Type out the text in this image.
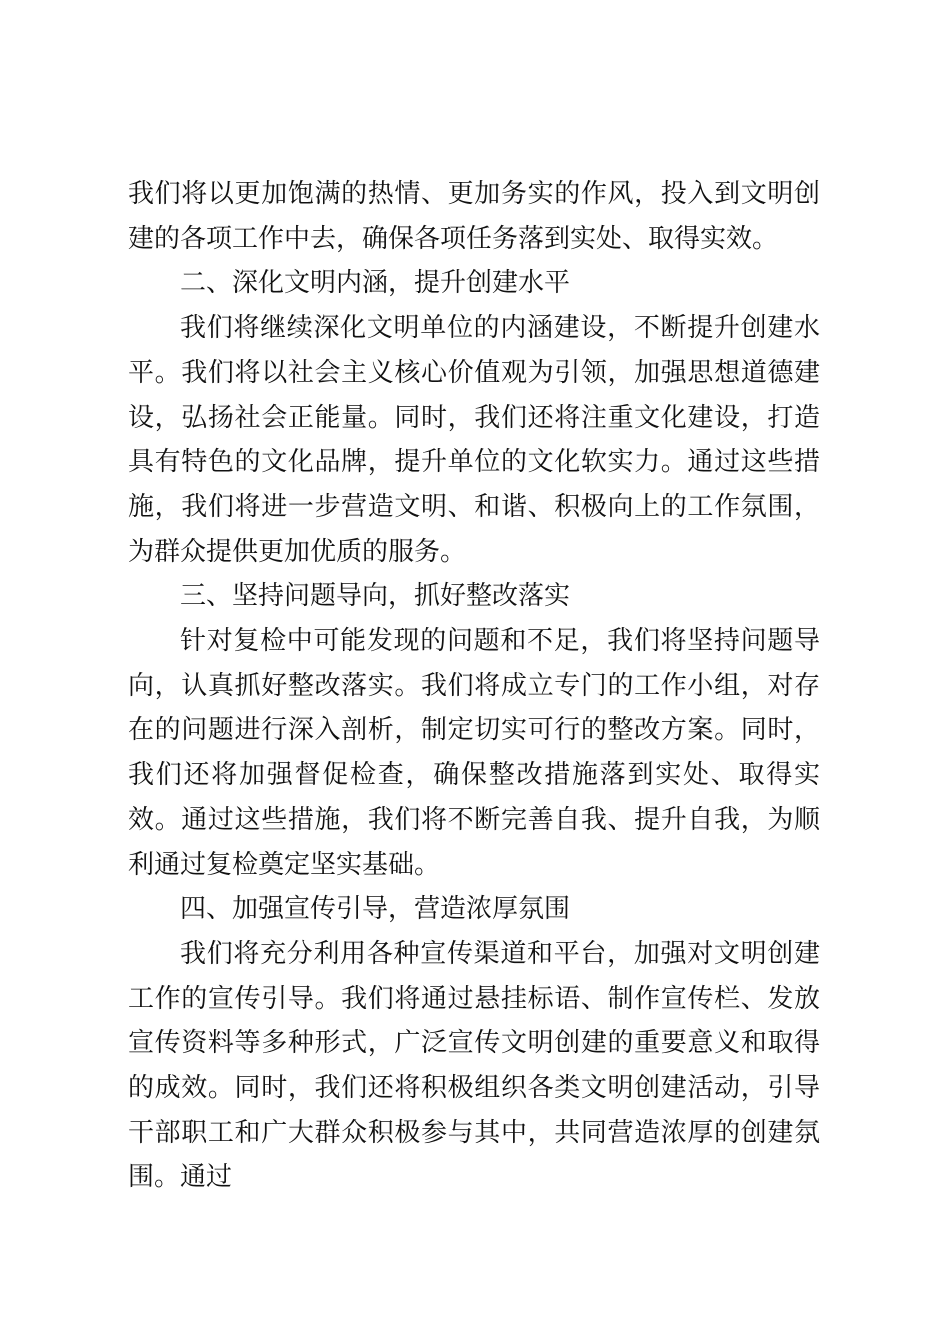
我们将以更加饱满的热情、更加务实的作风，投入到文明创建的各项工作中去，确保各项任务落到实处、取得实效。

二、深化文明内涵，提升创建水平

我们将继续深化文明单位的内涵建设，不断提升创建水平。我们将以社会主义核心价值观为引领，加强思想道德建设，弘扬社会正能量。同时，我们还将注重文化建设，打造具有特色的文化品牌，提升单位的文化软实力。通过这些措施，我们将进一步营造文明、和谐、积极向上的工作氛围，为群众提供更加优质的服务。

三、坚持问题导向，抓好整改落实

针对复检中可能发现的问题和不足，我们将坚持问题导向，认真抓好整改落实。我们将成立专门的工作小组，对存在的问题进行深入剖析，制定切实可行的整改方案。同时，我们还将加强督促检查，确保整改措施落到实处、取得实效。通过这些措施，我们将不断完善自我、提升自我，为顺利通过复检奠定坚实基础。

四、加强宣传引导，营造浓厚氛围

我们将充分利用各种宣传渠道和平台，加强对文明创建工作的宣传引导。我们将通过悬挂标语、制作宣传栏、发放宣传资料等多种形式，广泛宣传文明创建的重要意义和取得的成效。同时，我们还将积极组织各类文明创建活动，引导干部职工和广大群众积极参与其中，共同营造浓厚的创建氛围。通过
